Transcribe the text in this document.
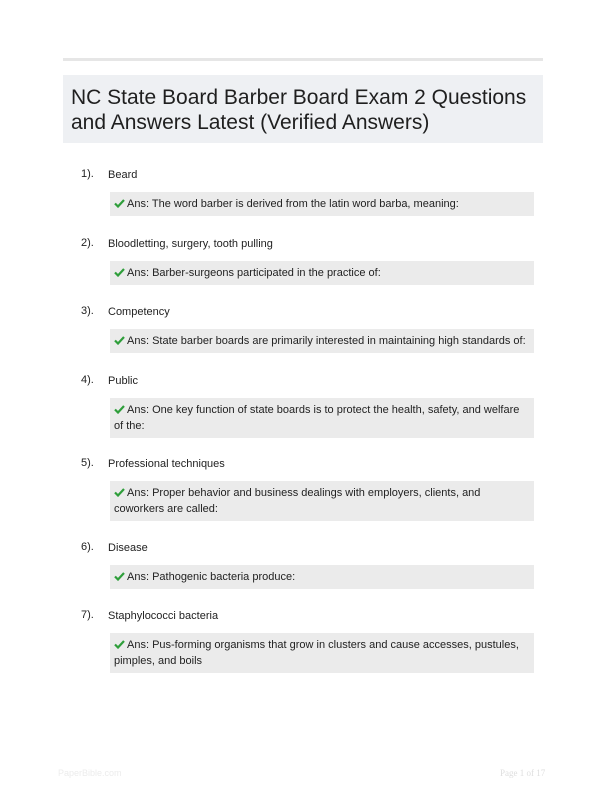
NC State Board Barber Board Exam 2 Questions and Answers Latest (Verified Answers)
1). Beard
Ans: The word barber is derived from the latin word barba, meaning:
2). Bloodletting, surgery, tooth pulling
Ans: Barber-surgeons participated in the practice of:
3). Competency
Ans: State barber boards are primarily interested in maintaining high standards of:
4). Public
Ans: One key function of state boards is to protect the health, safety, and welfare of the:
5). Professional techniques
Ans: Proper behavior and business dealings with employers, clients, and coworkers are called:
6). Disease
Ans: Pathogenic bacteria produce:
7). Staphylococci bacteria
Ans: Pus-forming organisms that grow in clusters and cause accesses, pustules, pimples, and boils
PaperBible.com	Page 1 of 17
